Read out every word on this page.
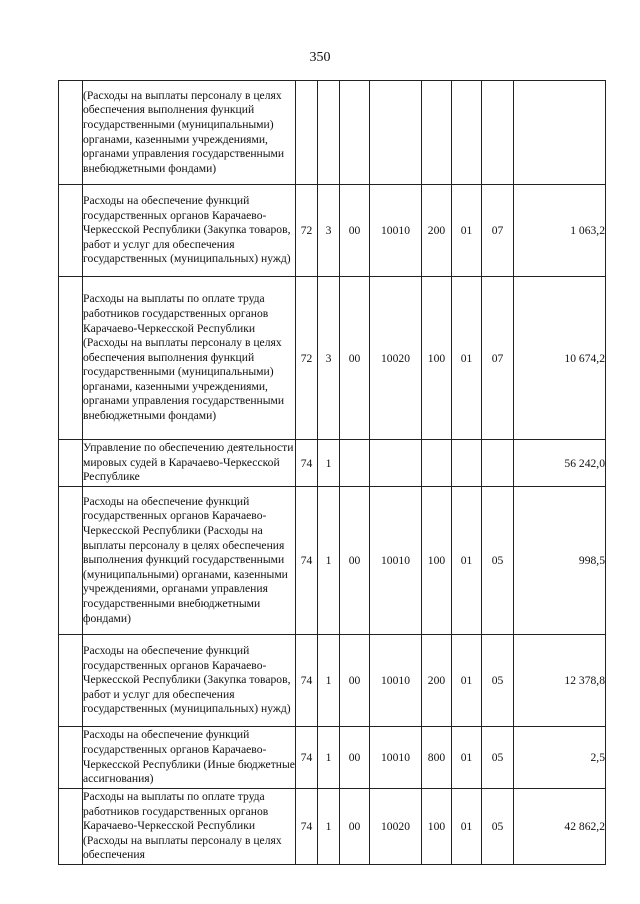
350
	(Расходы на выплаты персоналу в целях обеспечения выполнения функций государственными (муниципальными) органами, казенными учреждениями, органами управления государственными внебюджетными фондами)								
	Расходы на обеспечение функций государственных органов Карачаево-Черкесской Республики (Закупка товаров, работ и услуг для обеспечения государственных (муниципальных) нужд)	72	3	00	10010	200	01	07	1 063,2
	Расходы на выплаты по оплате труда работников государственных органов Карачаево-Черкесской Республики (Расходы на выплаты персоналу в целях обеспечения выполнения функций государственными (муниципальными) органами, казенными учреждениями, органами управления государственными внебюджетными фондами)	72	3	00	10020	100	01	07	10 674,2
	Управление по обеспечению деятельности мировых судей в Карачаево-Черкесской Республике	74	1						56 242,0
	Расходы на обеспечение функций государственных органов Карачаево-Черкесской Республики (Расходы на выплаты персоналу в целях обеспечения выполнения функций государственными (муниципальными) органами, казенными учреждениями, органами управления государственными внебюджетными фондами)	74	1	00	10010	100	01	05	998,5
	Расходы на обеспечение функций государственных органов Карачаево-Черкесской Республики (Закупка товаров, работ и услуг для обеспечения государственных (муниципальных) нужд)	74	1	00	10010	200	01	05	12 378,8
	Расходы на обеспечение функций государственных органов Карачаево-Черкесской Республики (Иные бюджетные ассигнования)	74	1	00	10010	800	01	05	2,5
	Расходы на выплаты по оплате труда работников государственных органов Карачаево-Черкесской Республики (Расходы на выплаты персоналу в целях обеспечения	74	1	00	10020	100	01	05	42 862,2
